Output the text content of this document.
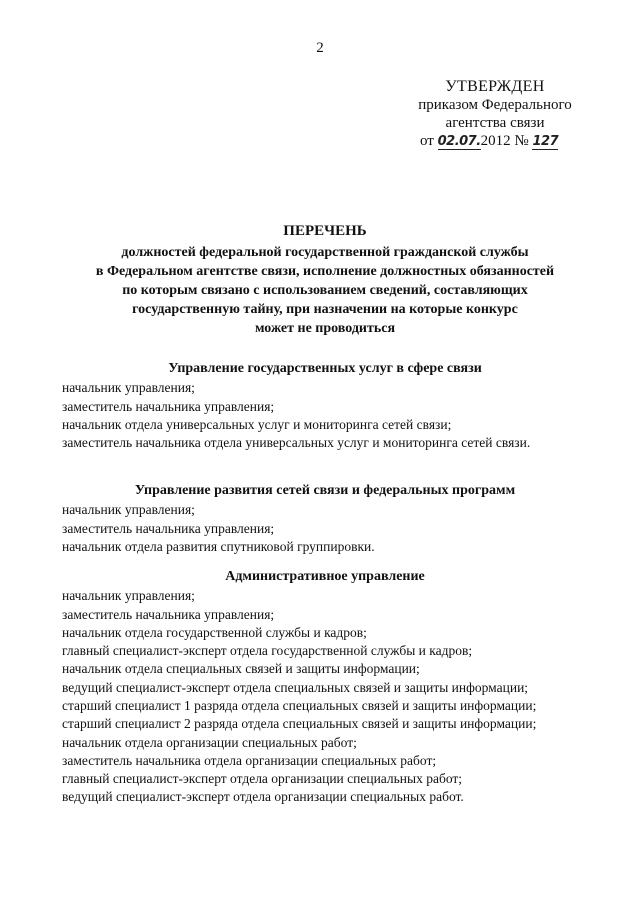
2
УТВЕРЖДЕН
приказом Федерального
агентства связи
от 02.07.2012 № 127
ПЕРЕЧЕНЬ
должностей федеральной государственной гражданской службы
в Федеральном агентстве связи, исполнение должностных обязанностей
по которым связано с использованием сведений, составляющих
государственную тайну, при назначении на которые конкурс
может не проводиться
Управление государственных услуг в сфере связи
начальник управления;
заместитель начальника управления;
начальник отдела универсальных услуг и мониторинга сетей связи;
заместитель начальника отдела универсальных услуг и мониторинга сетей связи.
Управление развития сетей связи и федеральных программ
начальник управления;
заместитель начальника управления;
начальник отдела развития спутниковой группировки.
Административное управление
начальник управления;
заместитель начальника управления;
начальник отдела государственной службы и кадров;
главный специалист-эксперт отдела государственной службы и кадров;
начальник отдела специальных связей и защиты информации;
ведущий специалист-эксперт отдела специальных связей и защиты информации;
старший специалист 1 разряда отдела специальных связей и защиты информации;
старший специалист 2 разряда отдела специальных связей и защиты информации;
начальник отдела организации специальных работ;
заместитель начальника отдела организации специальных работ;
главный специалист-эксперт отдела организации специальных работ;
ведущий специалист-эксперт отдела организации специальных работ.
